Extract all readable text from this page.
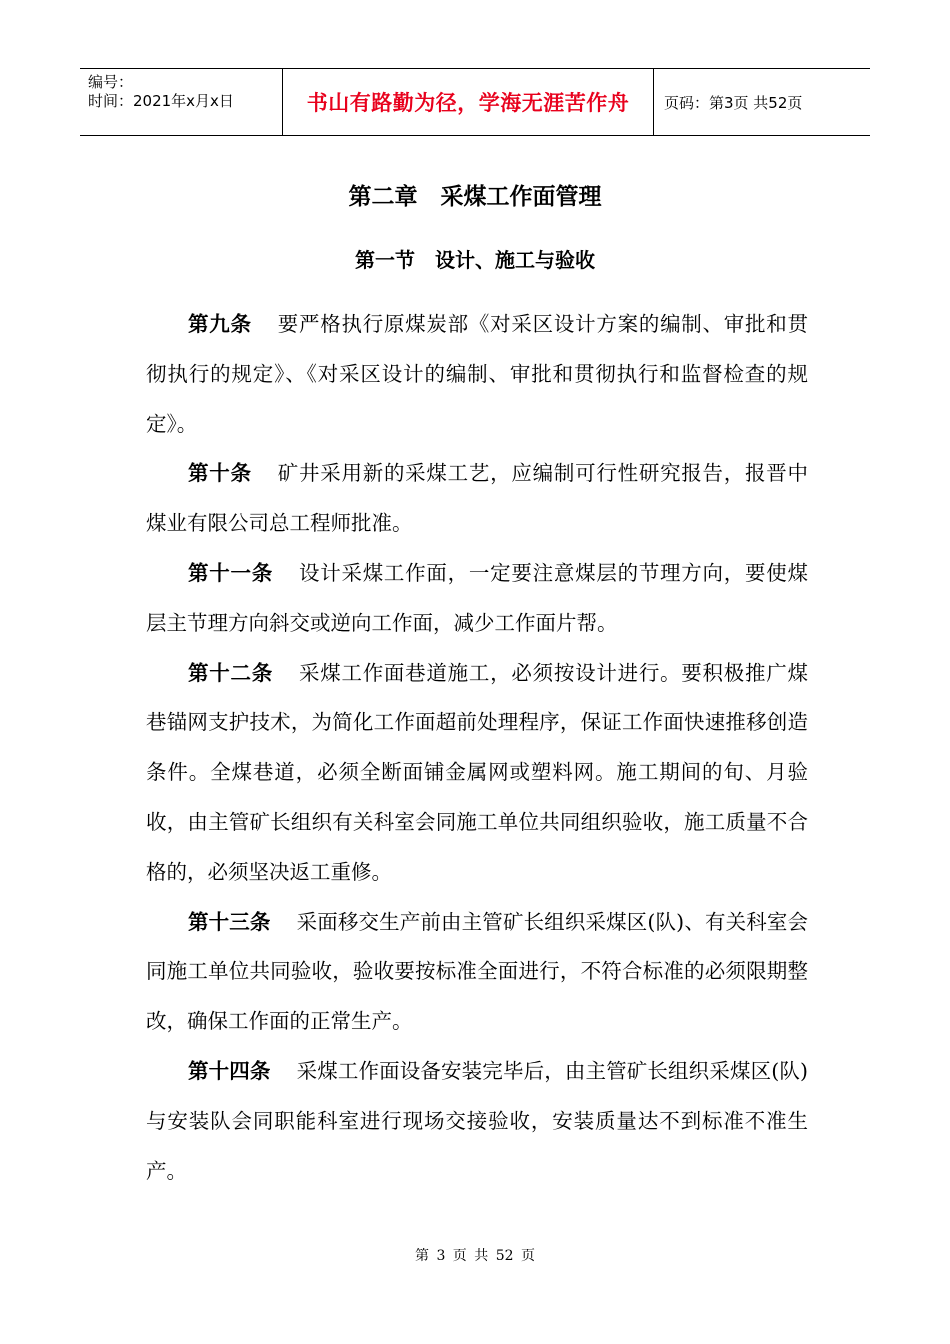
编号：
时间：2021年x月x日	书山有路勤为径，学海无涯苦作舟	页码：第3页 共52页
第二章　采煤工作面管理
第一节　设计、施工与验收

第九条 要严格执行原煤炭部《对采区设计方案的编制、审批和贯彻执行的规定》、《对采区设计的编制、审批和贯彻执行和监督检查的规定》。

第十条 矿井采用新的采煤工艺，应编制可行性研究报告，报晋中煤业有限公司总工程师批准。

第十一条 设计采煤工作面，一定要注意煤层的节理方向，要使煤层主节理方向斜交或逆向工作面，减少工作面片帮。

第十二条 采煤工作面巷道施工，必须按设计进行。要积极推广煤巷锚网支护技术，为简化工作面超前处理程序，保证工作面快速推移创造条件。全煤巷道，必须全断面铺金属网或塑料网。施工期间的旬、月验收，由主管矿长组织有关科室会同施工单位共同组织验收，施工质量不合格的，必须坚决返工重修。

第十三条 采面移交生产前由主管矿长组织采煤区(队)、有关科室会同施工单位共同验收，验收要按标准全面进行，不符合标准的必须限期整改，确保工作面的正常生产。

第十四条 采煤工作面设备安装完毕后，由主管矿长组织采煤区(队)与安装队会同职能科室进行现场交接验收，安装质量达不到标准不准生产。

第 3 页 共 52 页
